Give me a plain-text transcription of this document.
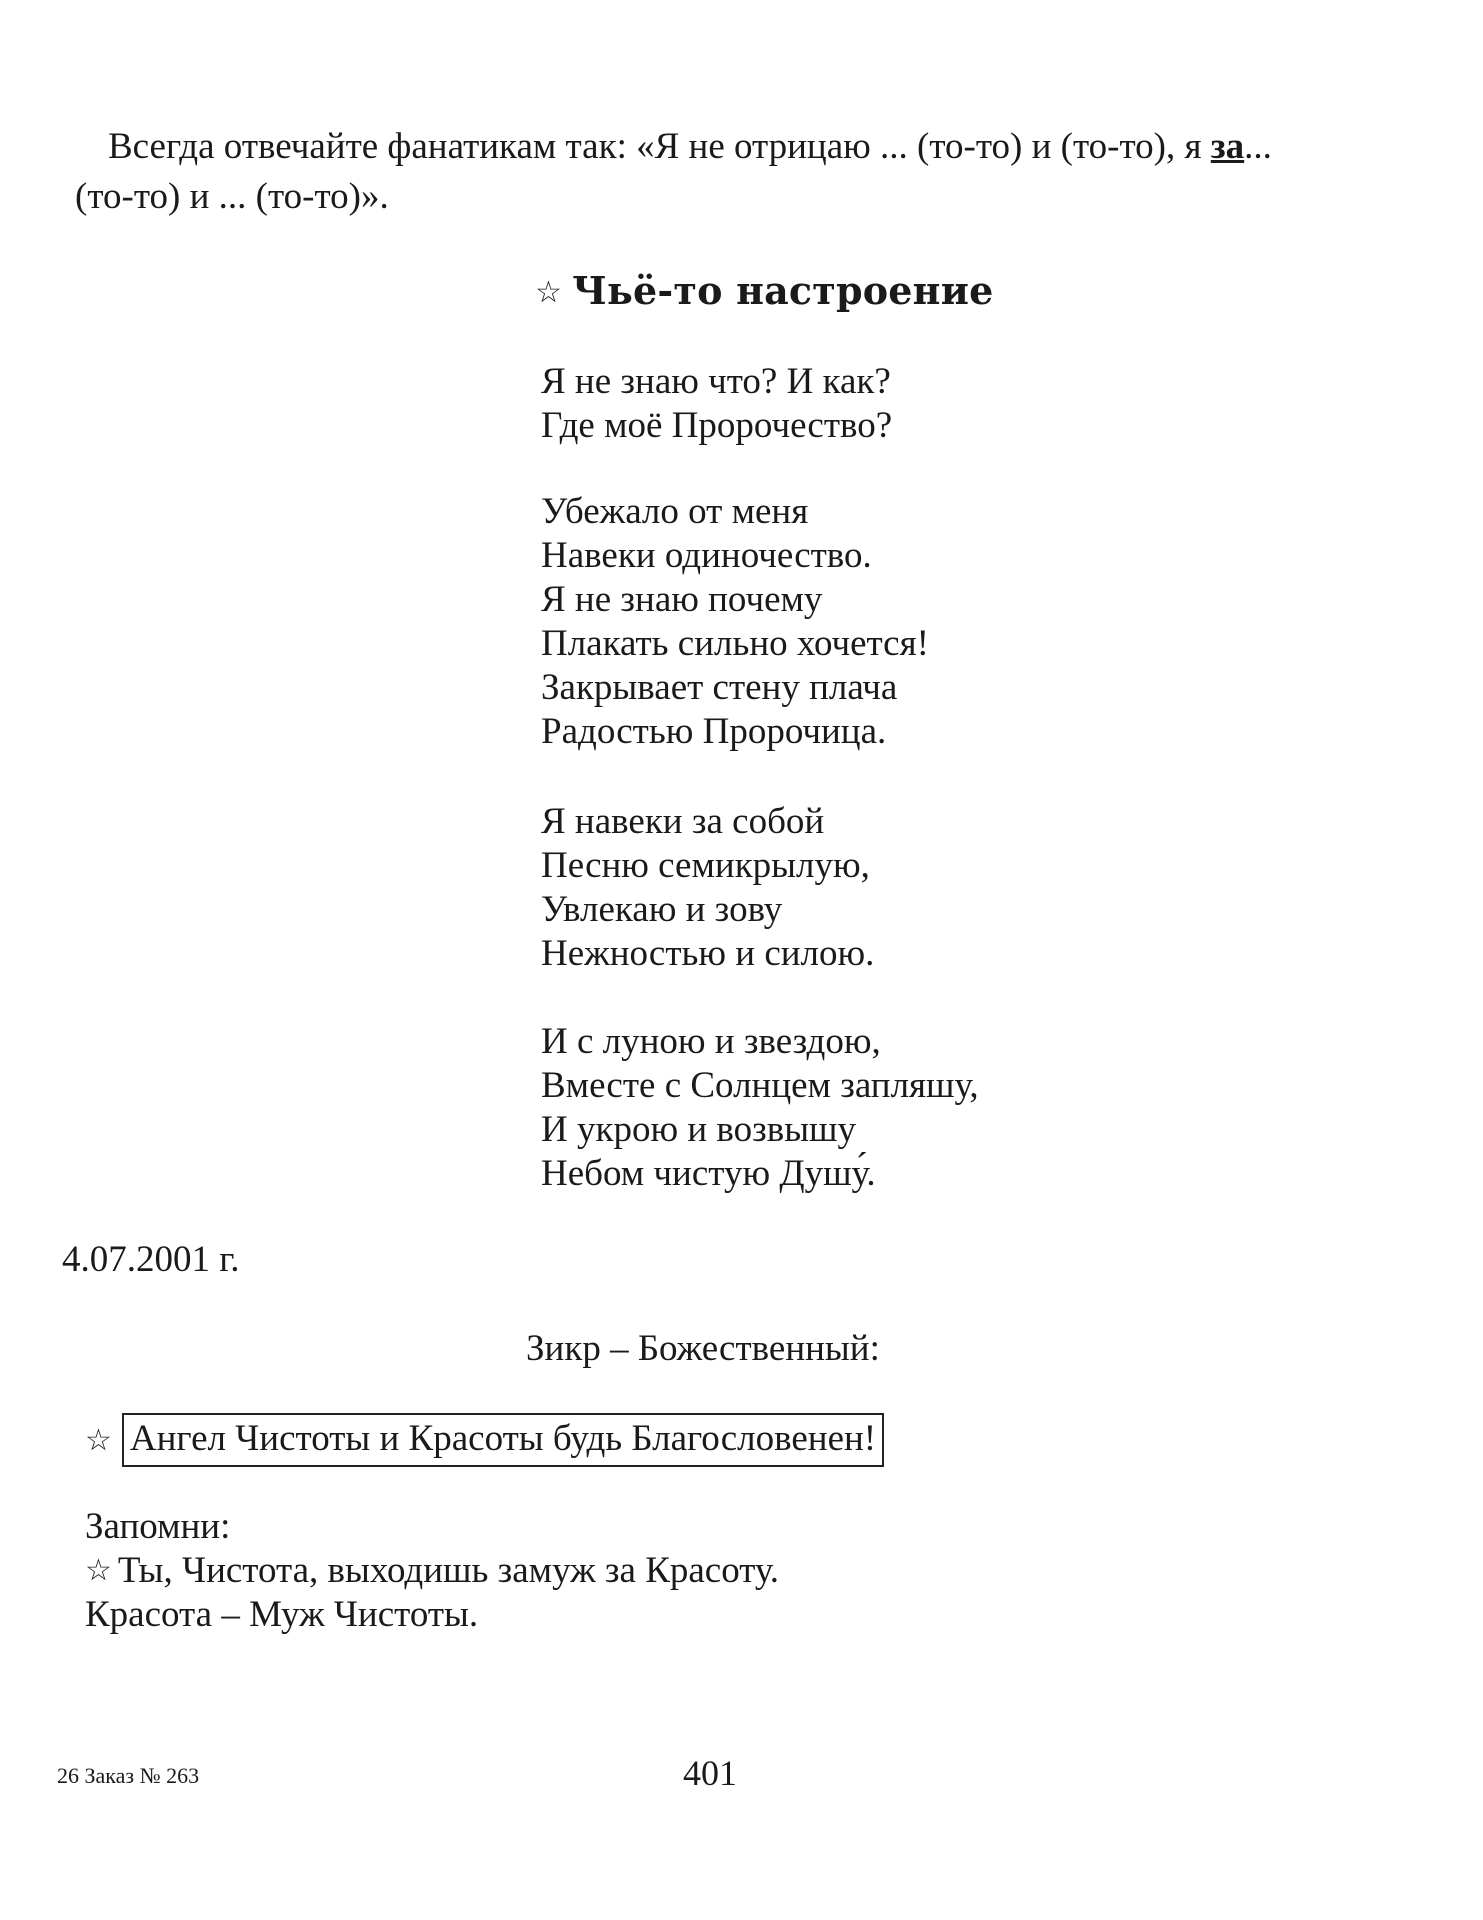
Всегда отвечайте фанатикам так: «Я не отрицаю ... (то-то) и (то-то), я за...
(то-то) и ... (то-то)».
☆ Чьё-то настроение
Я не знаю что? И как?
Где моё Пророчество?
Убежало от меня
Навеки одиночество.
Я не знаю почему
Плакать сильно хочется!
Закрывает стену плача
Радостью Пророчица.
Я навеки за собой
Песню семикрылую,
Увлекаю и зову
Нежностью и силою.
И с луною и звездою,
Вместе с Солнцем запляшу,
И укрою и возвышу
Небом чистую Душу́.
4.07.2001 г.
Зикр – Божественный:
☆ Ангел Чистоты и Красоты будь Благословенен!
Запомни:
☆ Ты, Чистота, выходишь замуж за Красоту.
Красота – Муж Чистоты.
26 Заказ № 263	401
